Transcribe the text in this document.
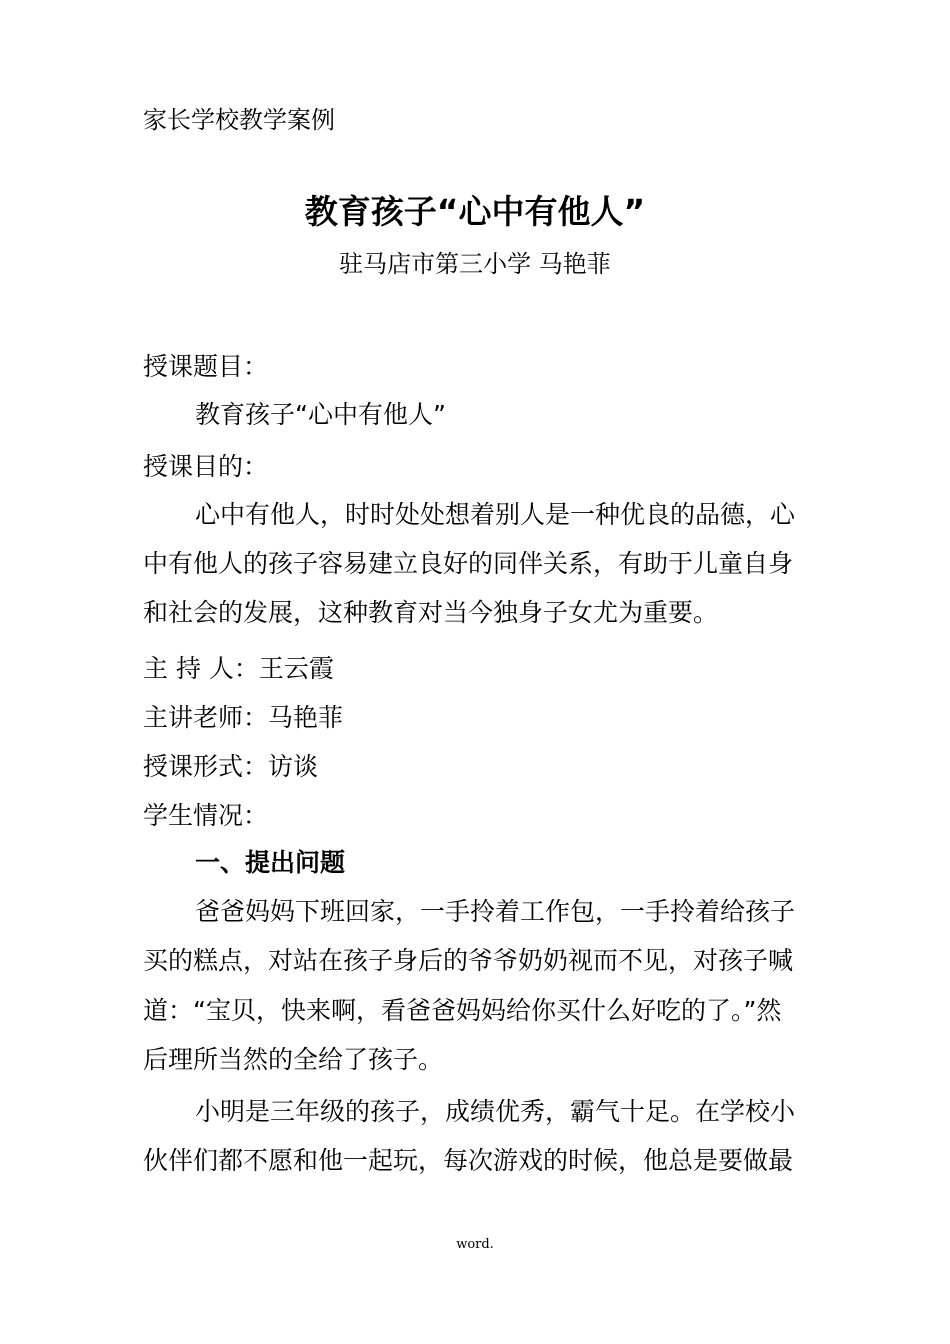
家长学校教学案例
教育孩子“心中有他人”
驻马店市第三小学 马艳菲
授课题目：
教育孩子“心中有他人”
授课目的：
心中有他人，时时处处想着别人是一种优良的品德，心
中有他人的孩子容易建立良好的同伴关系，有助于儿童自身
和社会的发展，这种教育对当今独身子女尤为重要。
主 持 人：王云霞
主讲老师：马艳菲
授课形式：访谈
学生情况：
一、提出问题
爸爸妈妈下班回家，一手拎着工作包，一手拎着给孩子
买的糕点，对站在孩子身后的爷爷奶奶视而不见，对孩子喊
道：“宝贝，快来啊，看爸爸妈妈给你买什么好吃的了。”然
后理所当然的全给了孩子。
小明是三年级的孩子，成绩优秀，霸气十足。在学校小
伙伴们都不愿和他一起玩，每次游戏的时候，他总是要做最
word.
